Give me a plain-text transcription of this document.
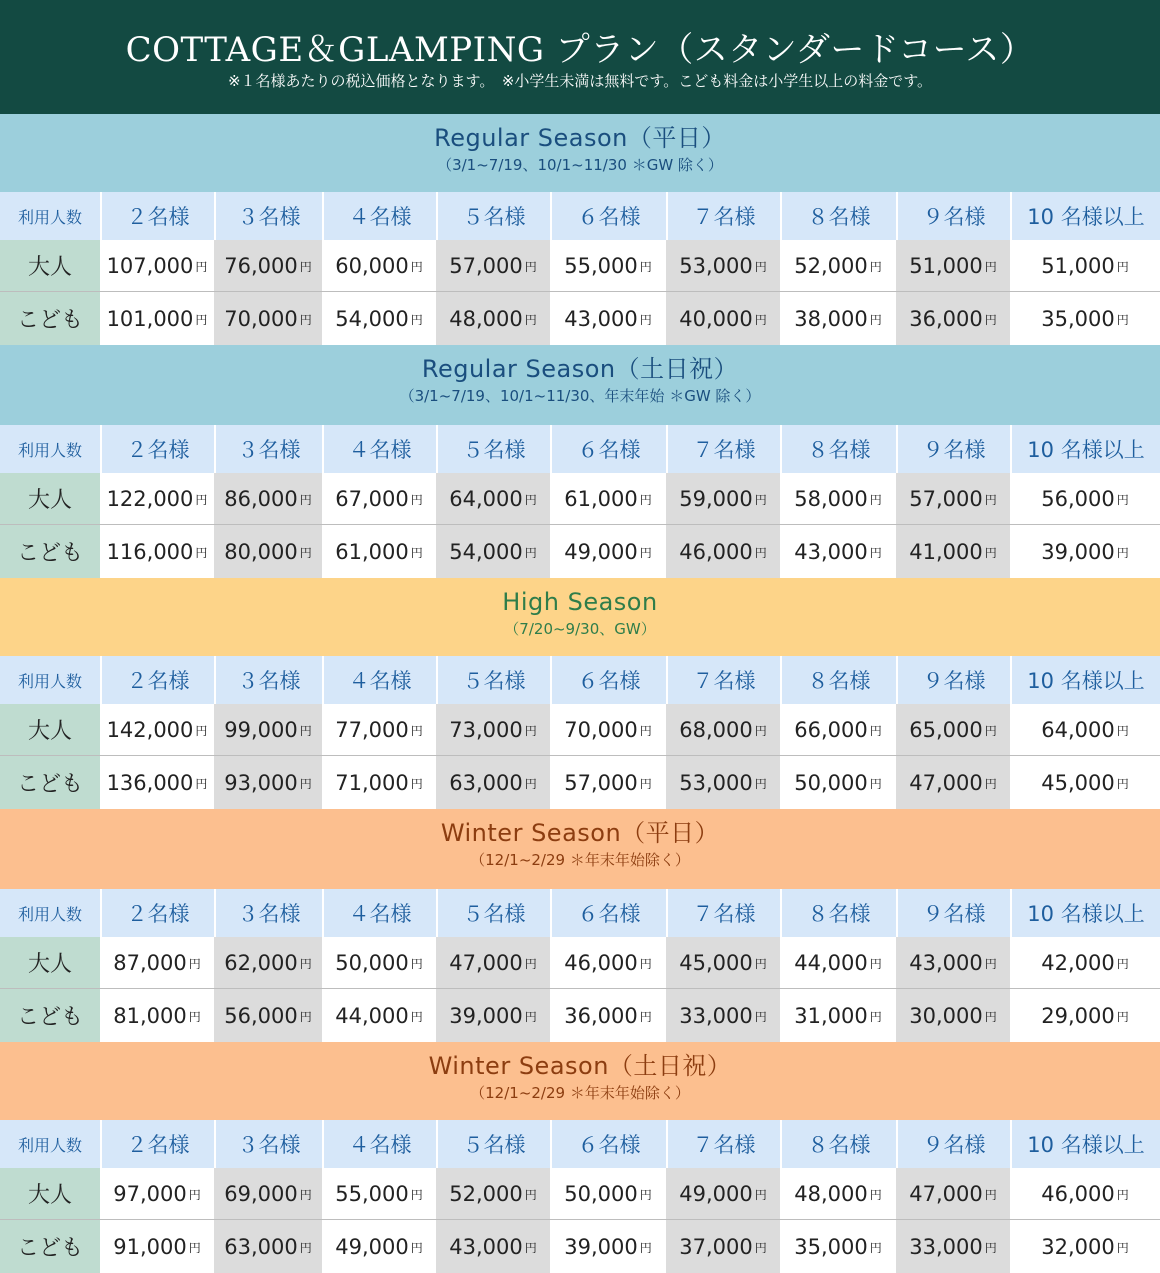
COTTAGE＆GLAMPING プラン（スタンダードコース）
※１名様あたりの税込価格となります。　※小学生未満は無料です。こども料金は小学生以上の料金です。
Regular Season（平日）
（3/1~7/19、10/1~11/30 ＊GW 除く）
利用人数	２名様	３名様	４名様	５名様	６名様	７名様	８名様	９名様	10 名様以上
大人	107,000 円 76,000 円 60,000 円 57,000 円 55,000 円 53,000 円 52,000 円 51,000 円 51,000 円
こども	101,000 円 70,000 円 54,000 円 48,000 円 43,000 円 40,000 円 38,000 円 36,000 円 35,000 円
Regular Season（土日祝）
（3/1~7/19、10/1~11/30、年末年始 ＊GW 除く）
利用人数	２名様	３名様	４名様	５名様	６名様	７名様	８名様	９名様	10 名様以上
大人	122,000 円 86,000 円 67,000 円 64,000 円 61,000 円 59,000 円 58,000 円 57,000 円 56,000 円
こども	116,000 円 80,000 円 61,000 円 54,000 円 49,000 円 46,000 円 43,000 円 41,000 円 39,000 円
High Season
（7/20~9/30、GW）
利用人数	２名様	３名様	４名様	５名様	６名様	７名様	８名様	９名様	10 名様以上
大人	142,000 円 99,000 円 77,000 円 73,000 円 70,000 円 68,000 円 66,000 円 65,000 円 64,000 円
こども	136,000 円 93,000 円 71,000 円 63,000 円 57,000 円 53,000 円 50,000 円 47,000 円 45,000 円
Winter Season（平日）
（12/1~2/29 ＊年末年始除く）
利用人数	２名様	３名様	４名様	５名様	６名様	７名様	８名様	９名様	10 名様以上
大人	87,000 円 62,000 円 50,000 円 47,000 円 46,000 円 45,000 円 44,000 円 43,000 円 42,000 円
こども	81,000 円 56,000 円 44,000 円 39,000 円 36,000 円 33,000 円 31,000 円 30,000 円 29,000 円
Winter Season（土日祝）
（12/1~2/29 ＊年末年始除く）
利用人数	２名様	３名様	４名様	５名様	６名様	７名様	８名様	９名様	10 名様以上
大人	97,000 円 69,000 円 55,000 円 52,000 円 50,000 円 49,000 円 48,000 円 47,000 円 46,000 円
こども	91,000 円 63,000 円 49,000 円 43,000 円 39,000 円 37,000 円 35,000 円 33,000 円 32,000 円
